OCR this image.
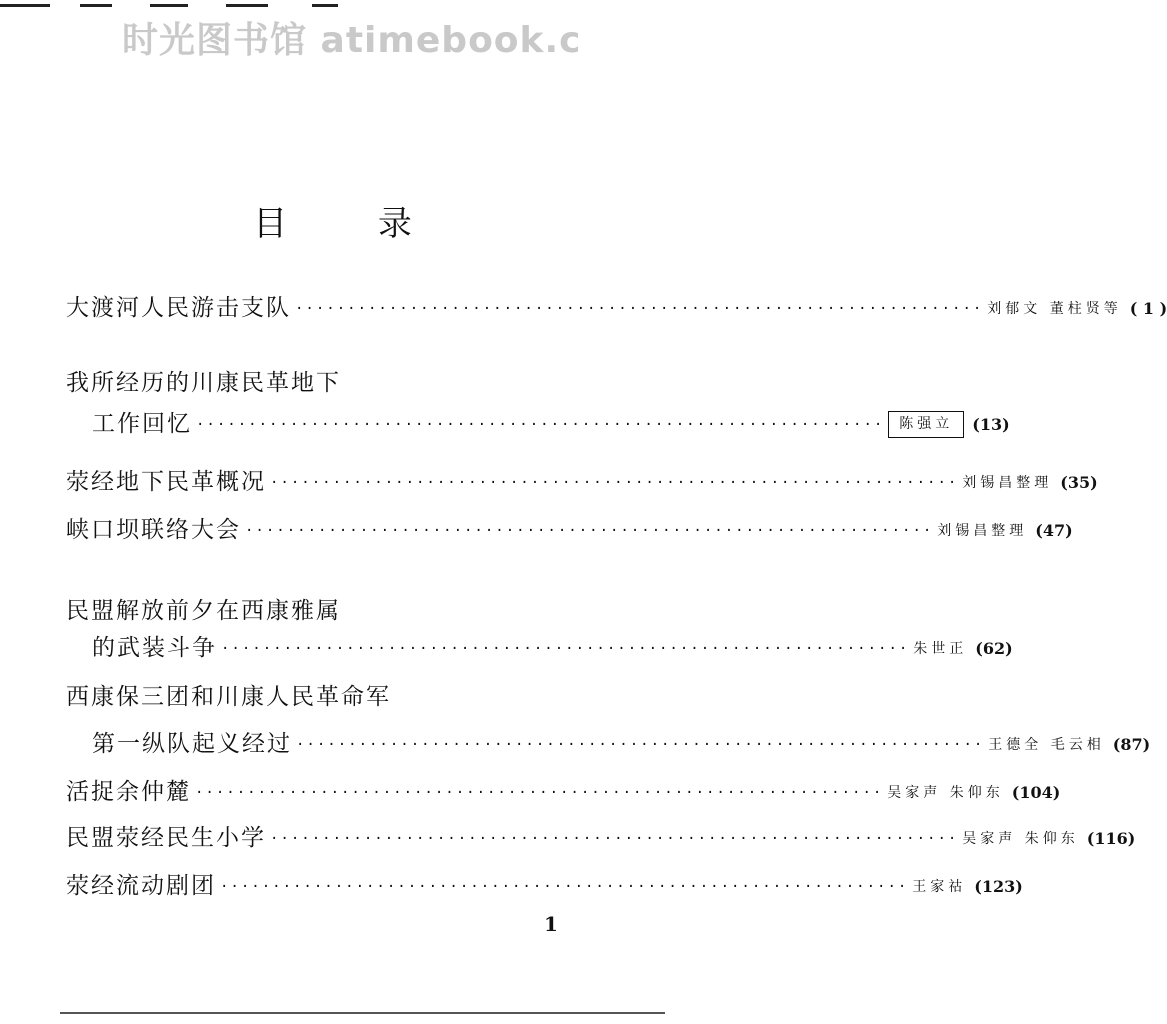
时光图书馆 atimebook.c
目 录
大渡河人民游击支队 ·································································· 刘郁文 董柱贤等 ( 1 )
我所经历的川康民革地下
工作回忆 ··································································	陈强立	(13)
荥经地下民革概况 ·································································· 刘锡昌整理 (35)
峡口坝联络大会 ·································································· 刘锡昌整理 (47)
民盟解放前夕在西康雅属
的武装斗争 ·································································· 朱世正 (62)
西康保三团和川康人民革命军
第一纵队起义经过 ·································································· 王德全 毛云相 (87)
活捉余仲麓 ·································································· 吴家声 朱仰东 (104)
民盟荥经民生小学 ·································································· 吴家声 朱仰东 (116)
荥经流动剧团 ·································································· 王家祜 (123)
1
